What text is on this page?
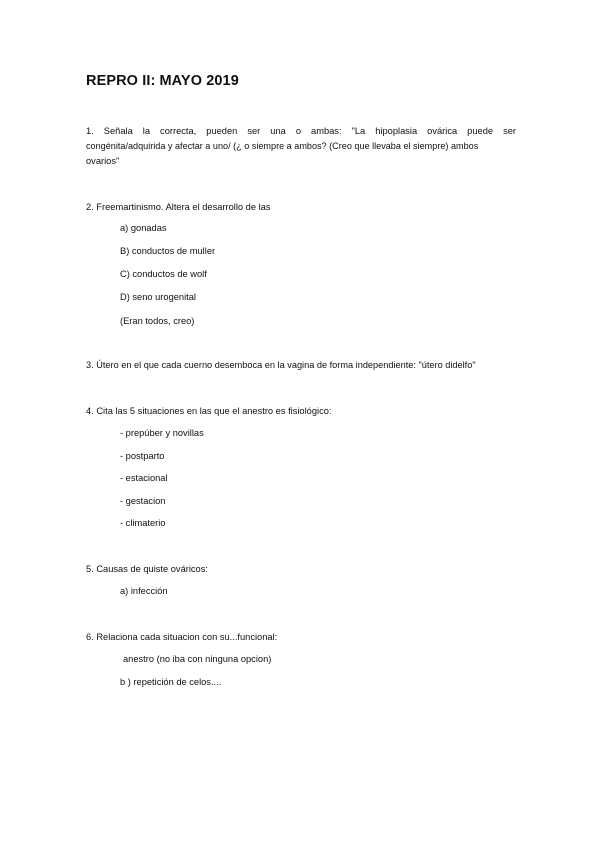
REPRO II: MAYO 2019
1. Señala la correcta, pueden ser una o ambas: "La hipoplasia ovárica puede ser
congénita/adquirida y afectar a uno/ (¿ o siempre a ambos? (Creo que llevaba el siempre) ambos
ovarios"
2. Freemartinismo. Altera el desarrollo de las
a) gonadas
B) conductos de muller
C) conductos de wolf
D) seno urogenital
(Eran todos, creo)
3. Útero en el que cada cuerno desemboca en la vagina de forma independiente: "útero didelfo"
4. Cita las 5 situaciones en las que el anestro es fisiológico:
- prepúber y novillas
- postparto
- estacional
- gestacion
- climaterio
5. Causas de quiste ováricos:
a) infección
6. Relaciona cada situacion con su...funcional:
anestro (no iba con ninguna opcion)
b ) repetición de celos....
